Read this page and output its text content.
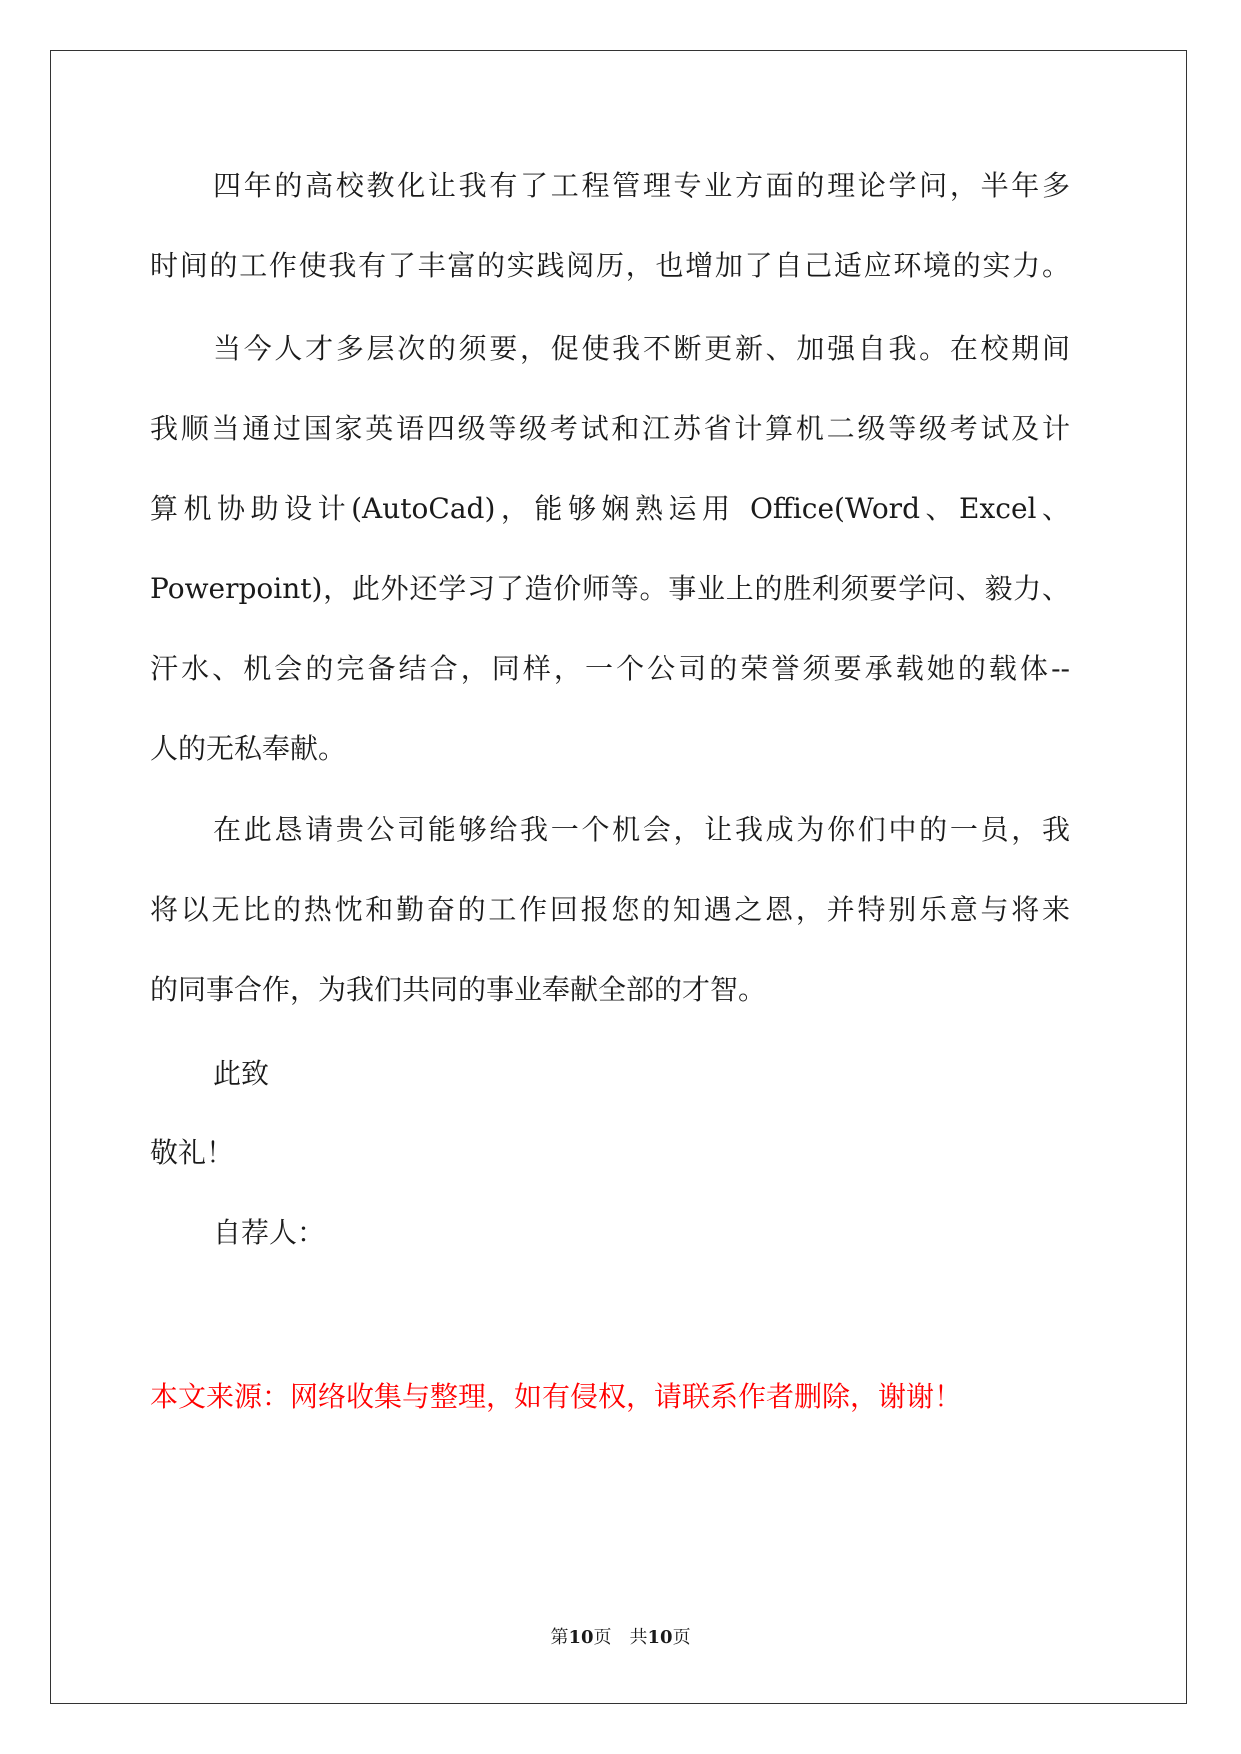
四年的高校教化让我有了工程管理专业方面的理论学问，半年多
时间的工作使我有了丰富的实践阅历，也增加了自己适应环境的实力。
当今人才多层次的须要，促使我不断更新、加强自我。在校期间
我顺当通过国家英语四级等级考试和江苏省计算机二级等级考试及计
算机协助设计(AutoCad)，能够娴熟运用 Office(Word、Excel、
Powerpoint)，此外还学习了造价师等。事业上的胜利须要学问、毅力、
汗水、机会的完备结合，同样，一个公司的荣誉须要承载她的载体--
人的无私奉献。
在此恳请贵公司能够给我一个机会，让我成为你们中的一员，我
将以无比的热忱和勤奋的工作回报您的知遇之恩，并特别乐意与将来
的同事合作，为我们共同的事业奉献全部的才智。
此致
敬礼！
自荐人：
本文来源：网络收集与整理，如有侵权，请联系作者删除，谢谢！
第10页　共10页
